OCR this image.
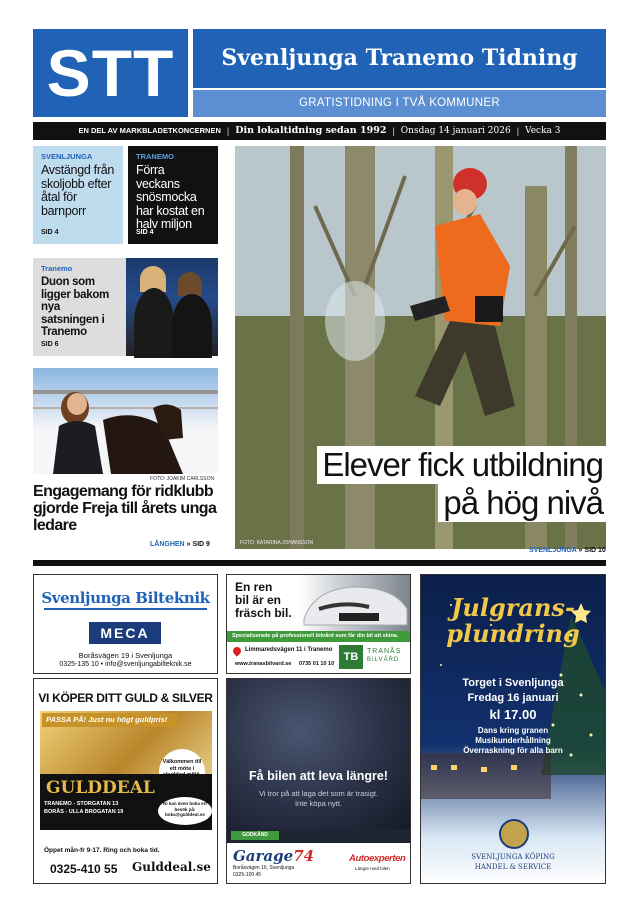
STT	Svenljunga Tranemo Tidning
GRATISTIDNING I TVÅ KOMMUNER
EN DEL AV MARKBLADETKONCERNEN | Din lokaltidning sedan 1992 | Onsdag 14 januari 2026 | Vecka 3
SVENLJUNGA
Avstängd från skoljobb efter åtal för barnporr
SID 4
TRANEMO
Förra veckans snösmocka har kostat en halv miljon
SID 4
Tranemo
Duon som ligger bakom nya satsningen i Tranemo
SID 6
FOTO: JOAKIM CARLSSON
Engagemang för ridklubb gjorde Freja till årets unga ledare
LÅNGHEN » SID 9
Elever fick utbildning
på hög nivå
FOTO: KATARINA JOHANSSON
SVENLJUNGA » SID 10
Svenljunga Bilteknik
MECA
Boråsvägen 19 i Svenljunga
0325-135 10 • info@svenljungabilteknik.se
VI KÖPER DITT GULD & SILVER
PASSA PÅ! Just nu högt guldpris!
Välkommen till ett möte i
GULDDEAL
TRANEMO - STORGATAN 13
BORÅS - ULLA BROGATAN 19
Ni kan även boka ert besök på: boka@gulddeal.se
Öppet mån-fr 9-17. Ring och boka tid.
0325-410 55 Gulddeal.se
En ren
bil är en
fräsch bil.
Specialiserade på professionell bilvård som får din bil att skina.
Limmaredsvägen 11 i Tranemo
www.tranasbilvard.se 0735 01 10 10
TB	TRANÅS
BILVÅRD
Få bilen att leva längre!
Vi tror på att laga det som är trasigt.
Inte köpa nytt.
GODKÄND
Garage74	Autoexperten
Boråsvägen 16, Svenljunga
0325-100 45
Längre med bilen
Julgrans-
plundring
Torget i Svenljunga
Fredag 16 januari
kl 17.00
Dans kring granen
Musikunderhållning
Överraskning för alla barn
SVENLJUNGA KÖPING
HANDEL & SERVICE
